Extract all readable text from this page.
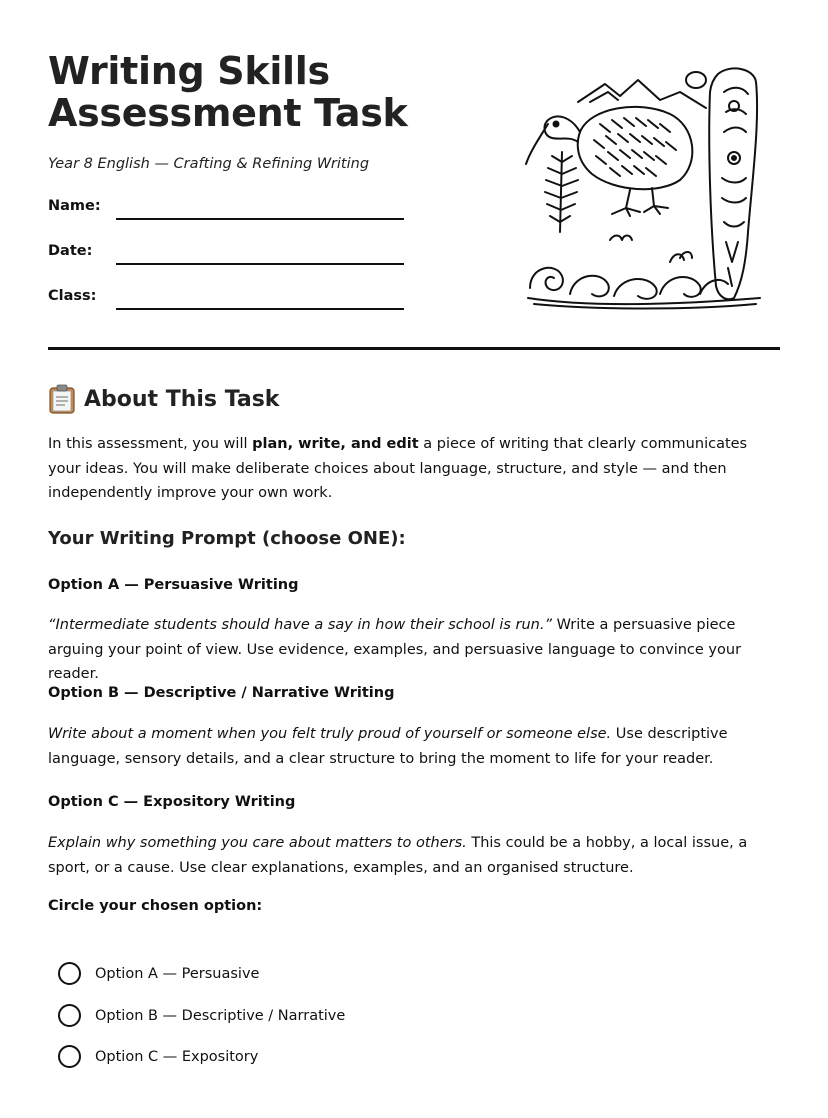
Writing Skills
Assessment Task

Year 8 English — Crafting & Refining Writing

Name:
Date:
Class:
About This Task

In this assessment, you will plan, write, and edit a piece of writing that clearly communicates your ideas. You will make deliberate choices about language, structure, and style — and then independently improve your own work.

Your Writing Prompt (choose ONE):
Option A — Persuasive Writing

“Intermediate students should have a say in how their school is run.” Write a persuasive piece arguing your point of view. Use evidence, examples, and persuasive language to convince your reader.

Option B — Descriptive / Narrative Writing

Write about a moment when you felt truly proud of yourself or someone else. Use descriptive language, sensory details, and a clear structure to bring the moment to life for your reader.

Option C — Expository Writing

Explain why something you care about matters to others. This could be a hobby, a local issue, a sport, or a cause. Use clear explanations, examples, and an organised structure.

Circle your chosen option:
Option A — Persuasive
Option B — Descriptive / Narrative
Option C — Expository
